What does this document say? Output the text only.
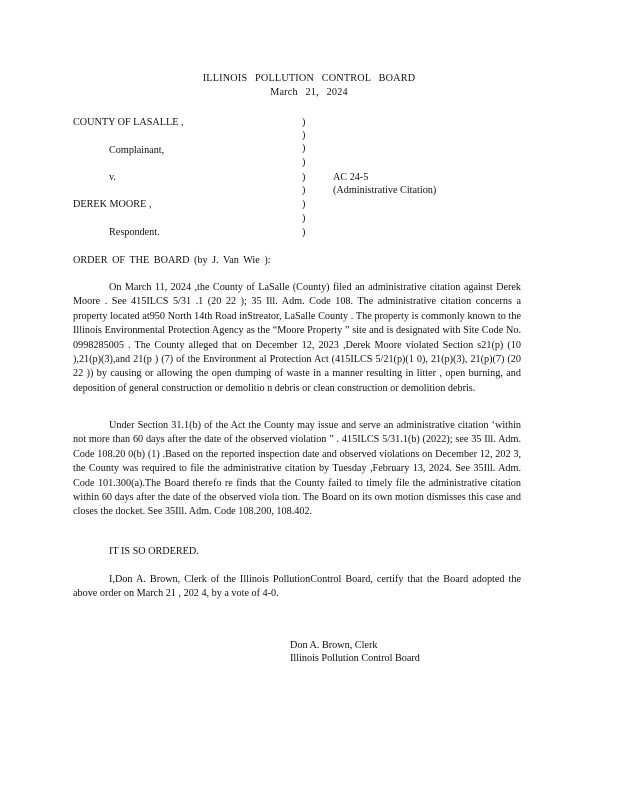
ILLINOIS POLLUTION CONTROL BOARD
March 21, 2024
COUNTY OF LASALLE ,
Complainant,
v.
DEREK MOORE ,
Respondent.
AC 24-5
(Administrative Citation)
)
)
)
)
)
)
)
)
)
ORDER OF THE BOARD (by J. Van Wie ):

On March 11, 2024 ,the County of LaSalle (County) filed an administrative citation against Derek Moore . See 415ILCS 5/31 .1 (20 22 ); 35 Ill. Adm. Code 108. The administrative citation concerns a property located at950 North 14th Road inStreator, LaSalle County . The property is commonly known to the Illinois Environmental Protection Agency as the “Moore Property ” site and is designated with Site Code No. 0998285005 . The County alleged that on December 12, 2023 ,Derek Moore violated Section s21(p) (10 ),21(p)(3),and 21(p ) (7) of the Environment al Protection Act (415ILCS 5/21(p)(1 0), 21(p)(3), 21(p)(7) (20 22 )) by causing or allowing the open dumping of waste in a manner resulting in litter , open burning, and deposition of general construction or demolitio n debris or clean construction or demolition debris.

Under Section 31.1(b) of the Act the County may issue and serve an administrative citation ‘within not more than 60 days after the date of the observed violation ” . 415ILCS 5/31.1(b) (2022); see 35 Ill. Adm. Code 108.20 0(b) (1) .Based on the reported inspection date and observed violations on December 12, 202 3, the County was required to file the administrative citation by Tuesday ,February 13, 2024. See 35Ill. Adm. Code 101.300(a).The Board therefo re finds that the County failed to timely file the administrative citation within 60 days after the date of the observed viola tion. The Board on its own motion dismisses this case and closes the docket. See 35Ill. Adm. Code 108.200, 108.402.

IT IS SO ORDERED.

I,Don A. Brown, Clerk of the Illinois PollutionControl Board, certify that the Board adopted the above order on March 21 , 202 4, by a vote of 4-0.

Don A. Brown, Clerk
Illinois Pollution Control Board
